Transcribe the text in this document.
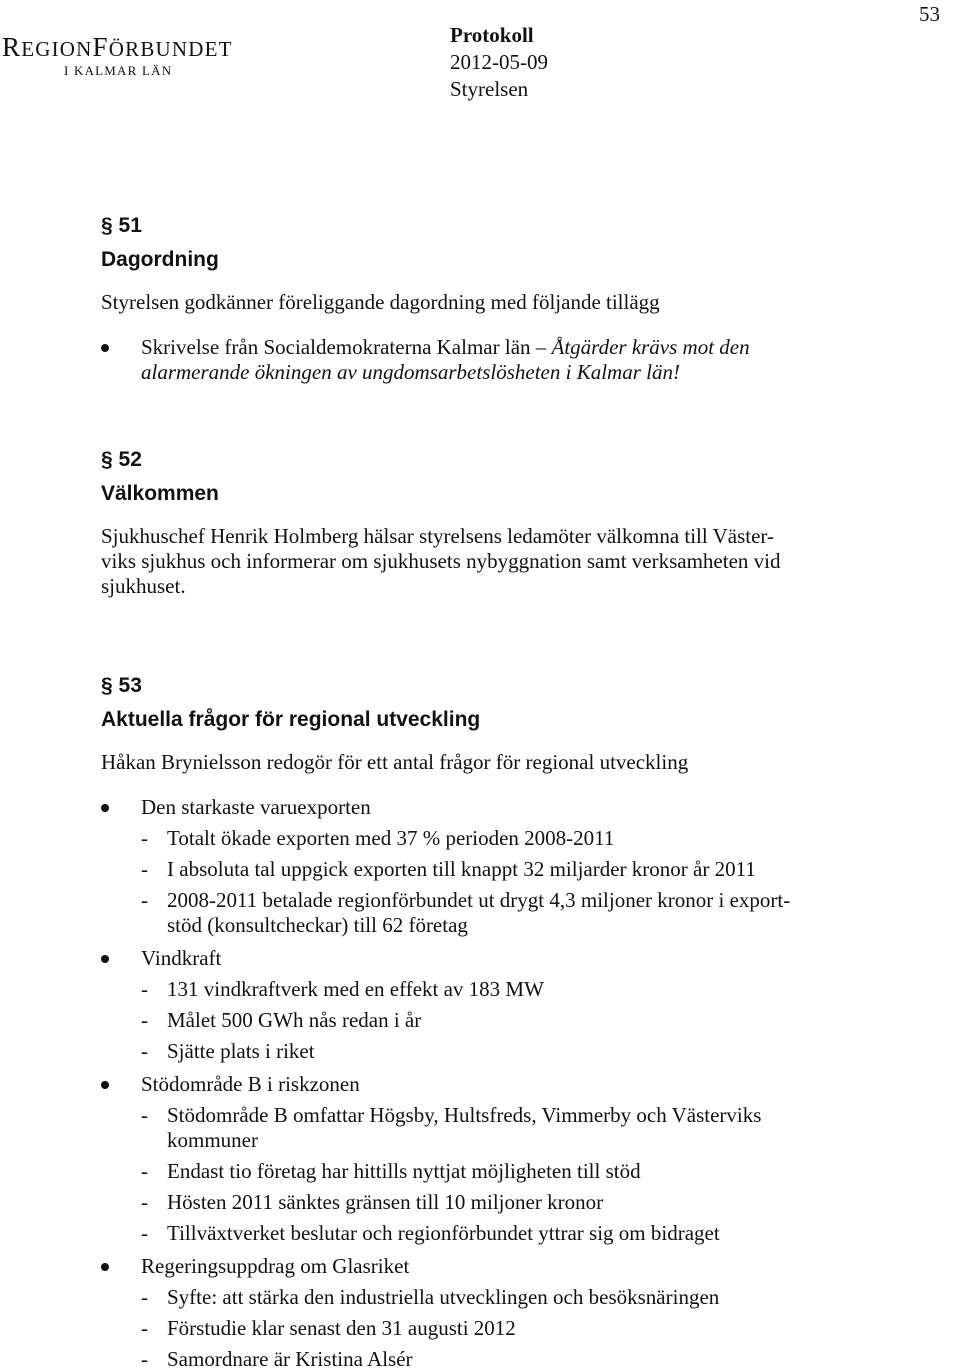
53
REGIONFÖRBUNDET
I KALMAR LÄN
Protokoll
2012-05-09
Styrelsen
§ 51
Dagordning
Styrelsen godkänner föreliggande dagordning med följande tillägg
Skrivelse från Socialdemokraterna Kalmar län – Åtgärder krävs mot den
alarmerande ökningen av ungdomsarbetslösheten i Kalmar län!
§ 52
Välkommen
Sjukhuschef Henrik Holmberg hälsar styrelsens ledamöter välkomna till Väster-
viks sjukhus och informerar om sjukhusets nybyggnation samt verksamheten vid
sjukhuset.
§ 53
Aktuella frågor för regional utveckling
Håkan Brynielsson redogör för ett antal frågor för regional utveckling
Den starkaste varuexporten
- Totalt ökade exporten med 37 % perioden 2008-2011
- I absoluta tal uppgick exporten till knappt 32 miljarder kronor år 2011
- 2008-2011 betalade regionförbundet ut drygt 4,3 miljoner kronor i export-
stöd (konsultcheckar) till 62 företag
Vindkraft
- 131 vindkraftverk med en effekt av 183 MW
- Målet 500 GWh nås redan i år
- Sjätte plats i riket
Stödområde B i riskzonen
- Stödområde B omfattar Högsby, Hultsfreds, Vimmerby och Västerviks
kommuner
- Endast tio företag har hittills nyttjat möjligheten till stöd
- Hösten 2011 sänktes gränsen till 10 miljoner kronor
- Tillväxtverket beslutar och regionförbundet yttrar sig om bidraget
Regeringsuppdrag om Glasriket
- Syfte: att stärka den industriella utvecklingen och besöksnäringen
- Förstudie klar senast den 31 augusti 2012
- Samordnare är Kristina Alsér
